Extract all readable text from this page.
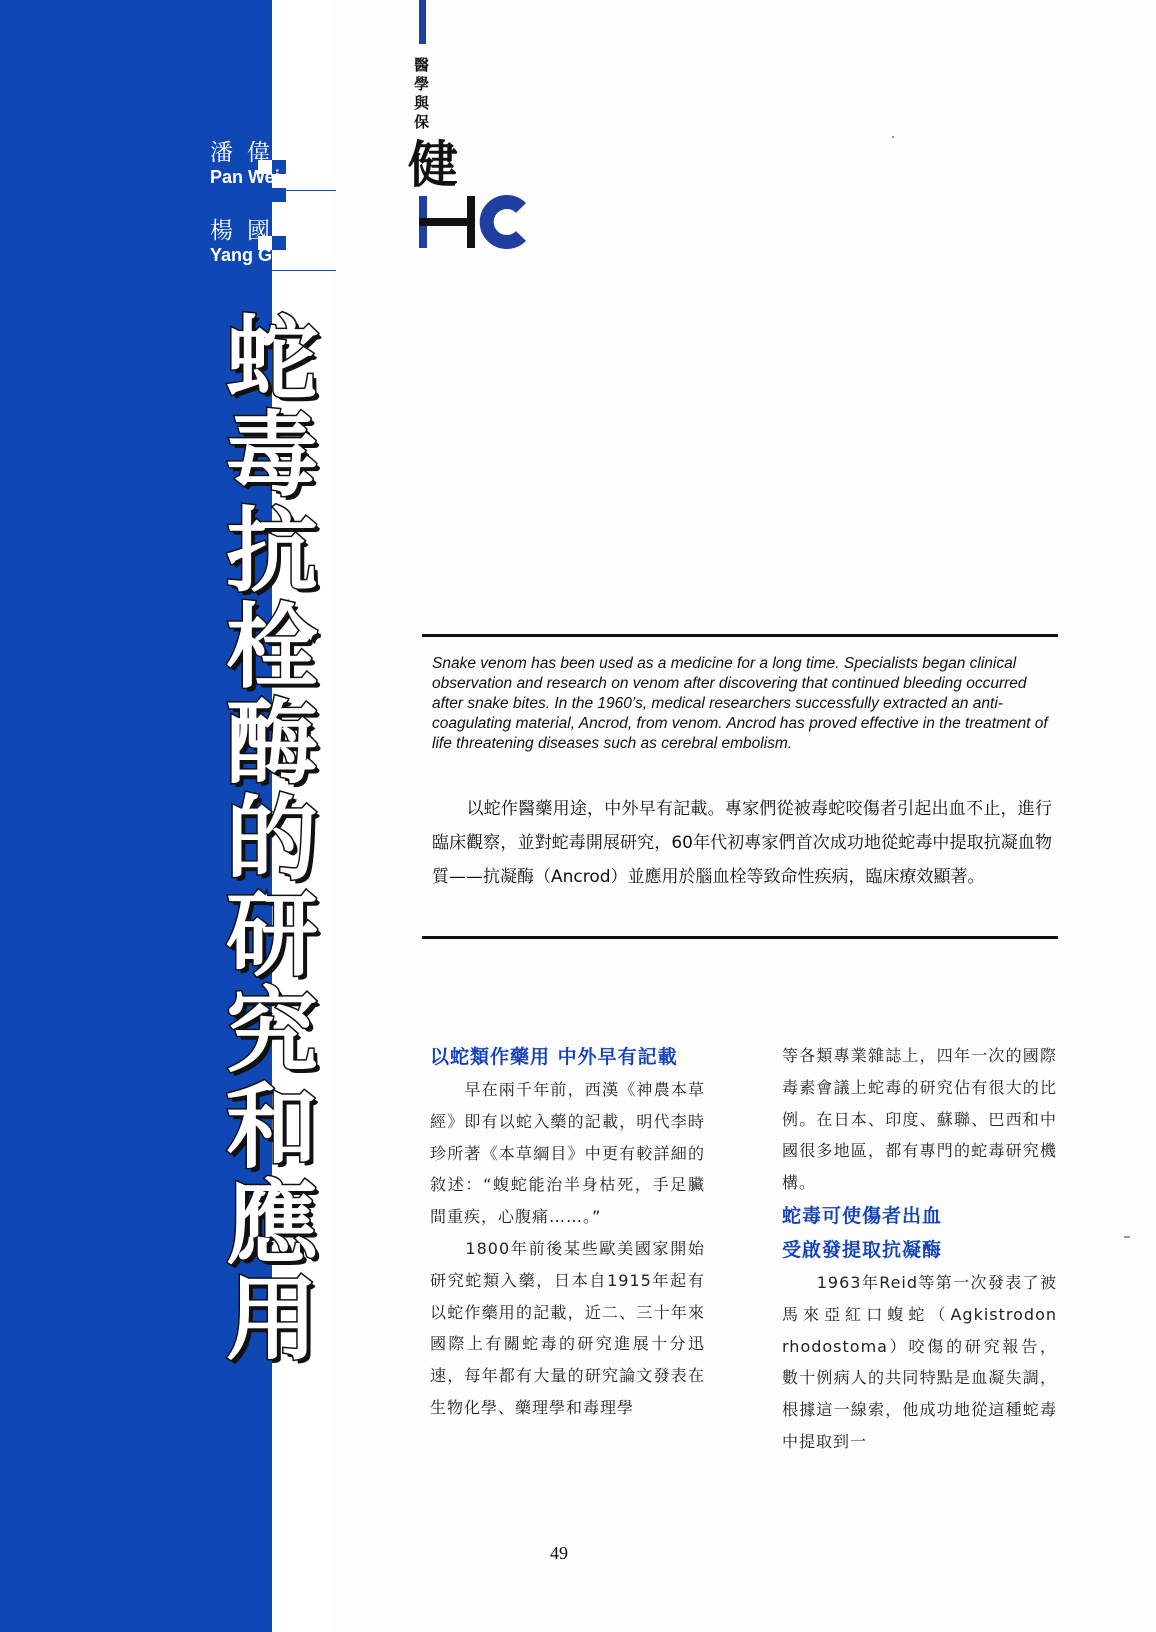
潘偉民
Pan Wei Min
楊國棟
Yang Guo Lian
蛇
毒
抗
栓
酶
的
研
究
和
應
用
醫學與保
健
Snake venom has been used as a medicine for a long time. Specialists began clinical observation and research on venom after discovering that continued bleeding occurred after snake bites. In the 1960’s, medical researchers successfully extracted an anti-coagulating material, Ancrod, from venom. Ancrod has proved effective in the treatment of life threatening diseases such as cerebral embolism.

　　以蛇作醫藥用途，中外早有記載。專家們從被毒蛇咬傷者引起出血不止，進行臨床觀察，並對蛇毒開展研究，60年代初專家們首次成功地從蛇毒中提取抗凝血物質——抗凝酶（Ancrod）並應用於腦血栓等致命性疾病，臨床療效顯著。

以蛇類作藥用 中外早有記載

　　早在兩千年前，西漢《神農本草經》即有以蛇入藥的記載，明代李時珍所著《本草綱目》中更有較詳細的敘述：“蝮蛇能治半身枯死，手足臟間重疾，心腹痛……。”

　　1800年前後某些歐美國家開始研究蛇類入藥，日本自1915年起有以蛇作藥用的記載，近二、三十年來國際上有關蛇毒的研究進展十分迅速，每年都有大量的研究論文發表在生物化學、藥理學和毒理學

等各類專業雜誌上，四年一次的國際毒素會議上蛇毒的研究佔有很大的比例。在日本、印度、蘇聯、巴西和中國很多地區，都有專門的蛇毒研究機構。

蛇毒可使傷者出血

受啟發提取抗凝酶

　　1963年Reid等第一次發表了被馬來亞紅口蝮蛇（Agkistrodon rhodostoma）咬傷的研究報告，數十例病人的共同特點是血凝失調，根據這一線索，他成功地從這種蛇毒中提取到一

49
